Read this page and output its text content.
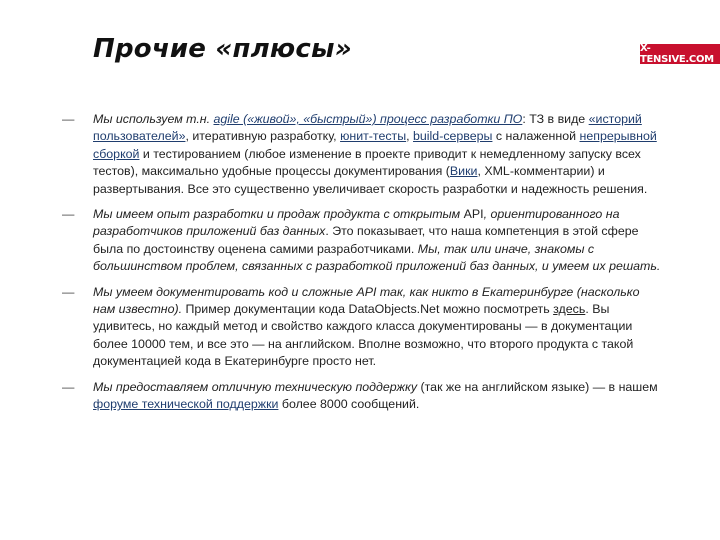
Прочие «плюсы»	X-TENSIVE.COM
— Мы используем т.н. agile («живой», «быстрый») процесс разработки ПО: ТЗ в виде «историй пользователей», итеративную разработку, юнит-тесты, build-серверы с налаженной непрерывной сборкой и тестированием (любое изменение в проекте приводит к немедленному запуску всех тестов), максимально удобные процессы документирования (Вики, XML-комментарии) и развертывания. Все это существенно увеличивает скорость разработки и надежность решения.
— Мы имеем опыт разработки и продаж продукта с открытым API, ориентированного на разработчиков приложений баз данных. Это показывает, что наша компетенция в этой сфере была по достоинству оценена самими разработчиками. Мы, так или иначе, знакомы с большинством проблем, связанных с разработкой приложений баз данных, и умеем их решать.
— Мы умеем документировать код и сложные API так, как никто в Екатеринбурге (насколько нам известно). Пример документации кода DataObjects.Net можно посмотреть здесь. Вы удивитесь, но каждый метод и свойство каждого класса документированы — в документации более 10000 тем, и все это — на английском. Вполне возможно, что второго продукта с такой документацией кода в Екатеринбурге просто нет.
— Мы предоставляем отличную техническую поддержку (так же на английском языке) — в нашем форуме технической поддержки более 8000 сообщений.
